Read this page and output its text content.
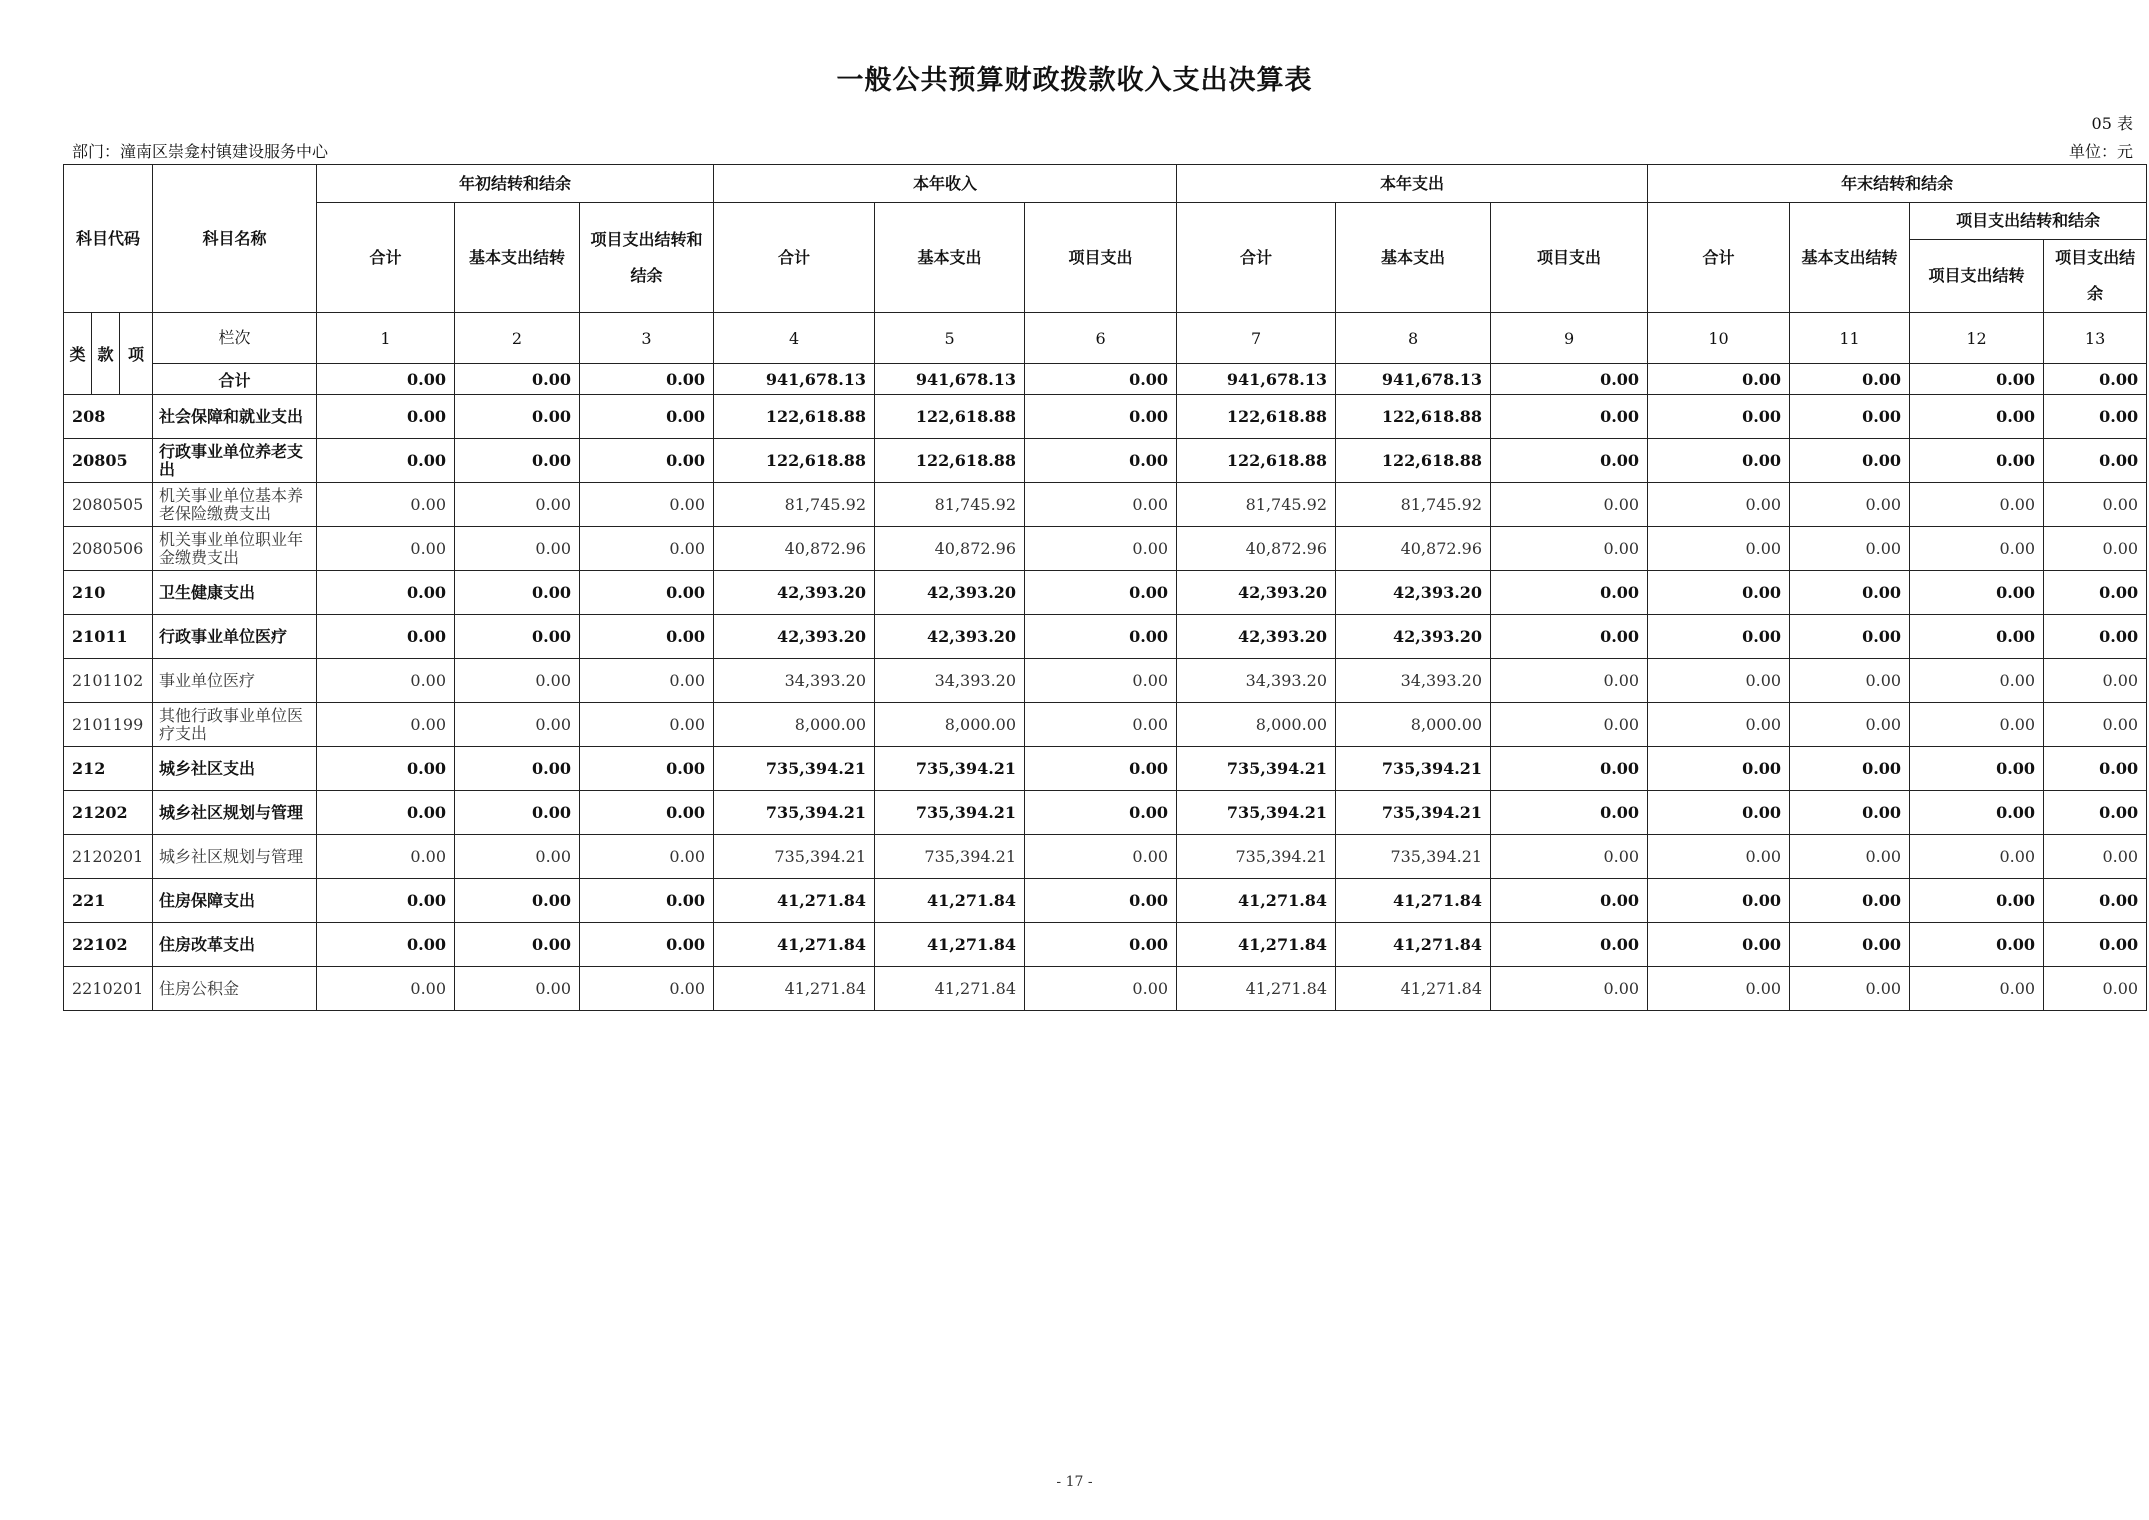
一般公共预算财政拨款收入支出决算表
05 表
部门：潼南区崇龛村镇建设服务中心	单位：元
科目代码			科目名称	年初结转和结余			本年收入			本年支出			年末结转和结余			
				合计	基本支出结转	项目支出结转和结余	合计	基本支出	项目支出	合计	基本支出	项目支出	合计	基本支出结转	项目支出结转和结余	
															项目支出结转	项目支出结余
类	款	项	栏次	1	2	3	4	5	6	7	8	9	10	11	12	13
			合计	0.00	0.00	0.00	941,678.13	941,678.13	0.00	941,678.13	941,678.13	0.00	0.00	0.00	0.00	0.00
208			社会保障和就业支出	0.00	0.00	0.00	122,618.88	122,618.88	0.00	122,618.88	122,618.88	0.00	0.00	0.00	0.00	0.00
20805			行政事业单位养老支出	0.00	0.00	0.00	122,618.88	122,618.88	0.00	122,618.88	122,618.88	0.00	0.00	0.00	0.00	0.00
2080505			机关事业单位基本养老保险缴费支出	0.00	0.00	0.00	81,745.92	81,745.92	0.00	81,745.92	81,745.92	0.00	0.00	0.00	0.00	0.00
2080506			机关事业单位职业年金缴费支出	0.00	0.00	0.00	40,872.96	40,872.96	0.00	40,872.96	40,872.96	0.00	0.00	0.00	0.00	0.00
210			卫生健康支出	0.00	0.00	0.00	42,393.20	42,393.20	0.00	42,393.20	42,393.20	0.00	0.00	0.00	0.00	0.00
21011			行政事业单位医疗	0.00	0.00	0.00	42,393.20	42,393.20	0.00	42,393.20	42,393.20	0.00	0.00	0.00	0.00	0.00
2101102			事业单位医疗	0.00	0.00	0.00	34,393.20	34,393.20	0.00	34,393.20	34,393.20	0.00	0.00	0.00	0.00	0.00
2101199			其他行政事业单位医疗支出	0.00	0.00	0.00	8,000.00	8,000.00	0.00	8,000.00	8,000.00	0.00	0.00	0.00	0.00	0.00
212			城乡社区支出	0.00	0.00	0.00	735,394.21	735,394.21	0.00	735,394.21	735,394.21	0.00	0.00	0.00	0.00	0.00
21202			城乡社区规划与管理	0.00	0.00	0.00	735,394.21	735,394.21	0.00	735,394.21	735,394.21	0.00	0.00	0.00	0.00	0.00
2120201			城乡社区规划与管理	0.00	0.00	0.00	735,394.21	735,394.21	0.00	735,394.21	735,394.21	0.00	0.00	0.00	0.00	0.00
221			住房保障支出	0.00	0.00	0.00	41,271.84	41,271.84	0.00	41,271.84	41,271.84	0.00	0.00	0.00	0.00	0.00
22102			住房改革支出	0.00	0.00	0.00	41,271.84	41,271.84	0.00	41,271.84	41,271.84	0.00	0.00	0.00	0.00	0.00
2210201			住房公积金	0.00	0.00	0.00	41,271.84	41,271.84	0.00	41,271.84	41,271.84	0.00	0.00	0.00	0.00	0.00
- 17 -
